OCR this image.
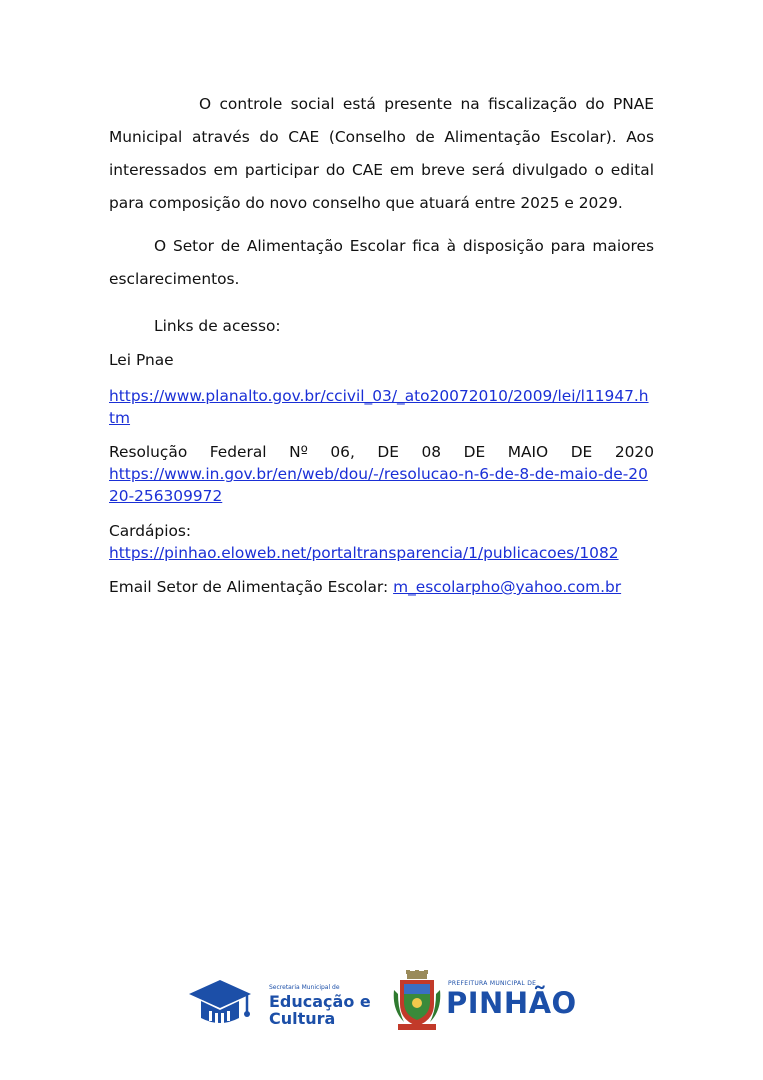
O controle social está presente na fiscalização do PNAE Municipal através do CAE (Conselho de Alimentação Escolar). Aos interessados em participar do CAE em breve será divulgado o edital para composição do novo conselho que atuará entre 2025 e 2029.

O Setor de Alimentação Escolar fica à disposição para maiores esclarecimentos.

Links de acesso:

Lei Pnae

https://www.planalto.gov.br/ccivil_03/_ato20072010/2009/lei/l11947.htm

Resolução Federal Nº 06, DE 08 DE MAIO DE 2020

https://www.in.gov.br/en/web/dou/-/resolucao-n-6-de-8-de-maio-de-2020-256309972

Cardápios:

https://pinhao.eloweb.net/portaltransparencia/1/publicacoes/1082

Email Setor de Alimentação Escolar: m_escolarpho@yahoo.com.br

Secretaria Municipal de
Educação e
Cultura
PREFEITURA MUNICIPAL DE
PINHÃO
